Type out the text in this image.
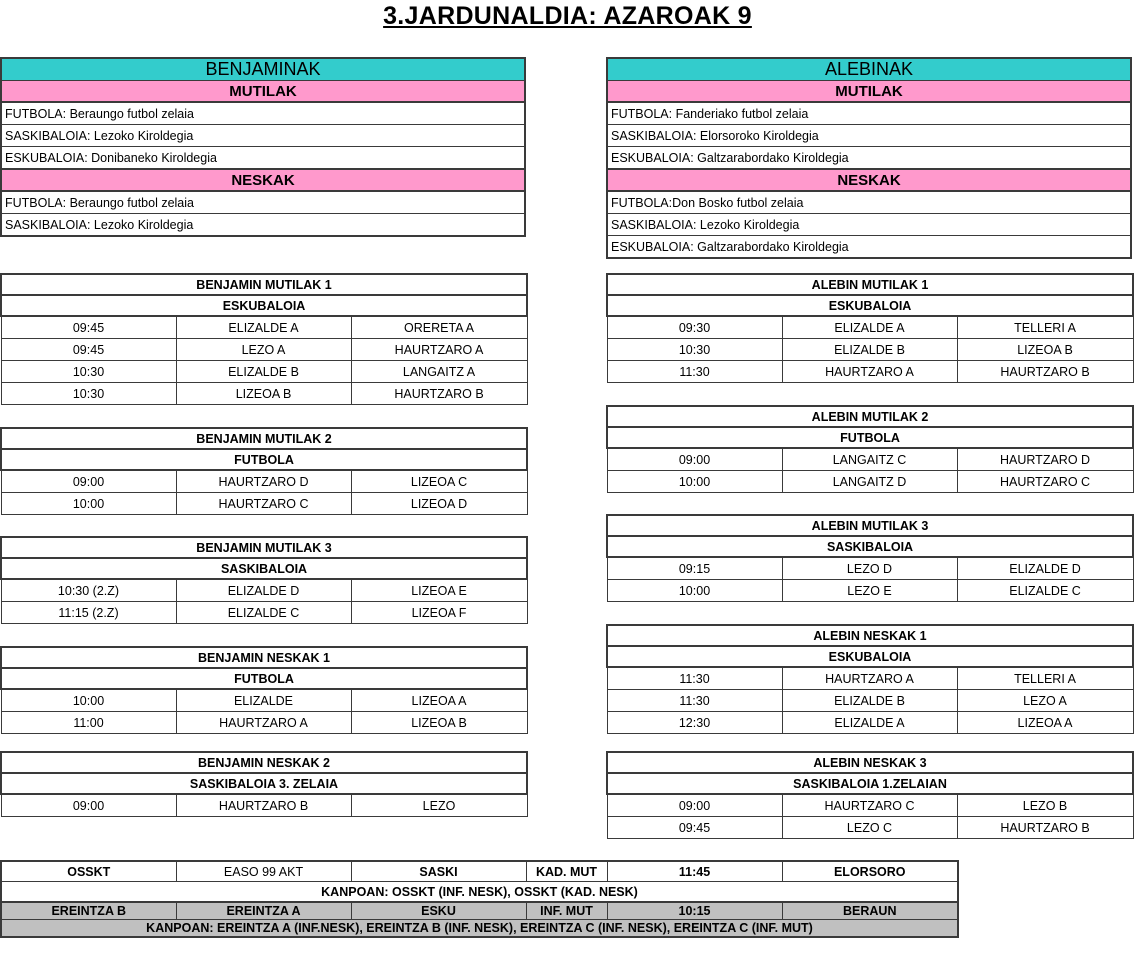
3.JARDUNALDIA: AZAROAK 9
BENJAMINAK
MUTILAK
FUTBOLA: Beraungo futbol zelaia
SASKIBALOIA: Lezoko Kiroldegia
ESKUBALOIA: Donibaneko Kiroldegia
NESKAK
FUTBOLA: Beraungo futbol zelaia
SASKIBALOIA: Lezoko Kiroldegia
ALEBINAK
MUTILAK
FUTBOLA: Fanderiako futbol zelaia
SASKIBALOIA: Elorsoroko Kiroldegia
ESKUBALOIA: Galtzarabordako Kiroldegia
NESKAK
FUTBOLA:Don Bosko futbol zelaia
SASKIBALOIA: Lezoko Kiroldegia
ESKUBALOIA: Galtzarabordako Kiroldegia
BENJAMIN MUTILAK 1		
ESKUBALOIA		
09:45	ELIZALDE A	ORERETA A
09:45	LEZO A	HAURTZARO A
10:30	ELIZALDE B	LANGAITZ A
10:30	LIZEOA B	HAURTZARO B
BENJAMIN MUTILAK 2		
FUTBOLA		
09:00	HAURTZARO D	LIZEOA C
10:00	HAURTZARO C	LIZEOA D
BENJAMIN MUTILAK 3		
SASKIBALOIA		
10:30 (2.Z)	ELIZALDE D	LIZEOA E
11:15 (2.Z)	ELIZALDE C	LIZEOA F
BENJAMIN NESKAK 1		
FUTBOLA		
10:00	ELIZALDE	LIZEOA A
11:00	HAURTZARO A	LIZEOA B
BENJAMIN NESKAK 2
SASKIBALOIA 3. ZELAIA
09:00	HAURTZARO B	LEZO
ALEBIN MUTILAK 1		
ESKUBALOIA		
09:30	ELIZALDE A	TELLERI A
10:30	ELIZALDE B	LIZEOA B
11:30	HAURTZARO A	HAURTZARO B
ALEBIN MUTILAK 2		
FUTBOLA		
09:00	LANGAITZ C	HAURTZARO D
10:00	LANGAITZ D	HAURTZARO C
ALEBIN MUTILAK 3		
SASKIBALOIA		
09:15	LEZO D	ELIZALDE D
10:00	LEZO E	ELIZALDE C
ALEBIN NESKAK 1		
ESKUBALOIA		
11:30	HAURTZARO A	TELLERI A
11:30	ELIZALDE B	LEZO A
12:30	ELIZALDE A	LIZEOA A
ALEBIN NESKAK 3		
SASKIBALOIA 1.ZELAIAN		
09:00	HAURTZARO C	LEZO B
09:45	LEZO C	HAURTZARO B
OSSKT	EASO 99 AKT	SASKI	KAD. MUT	11:45	ELORSORO
KANPOAN: OSSKT (INF. NESK), OSSKT (KAD. NESK)					
EREINTZA B	EREINTZA A	ESKU	INF. MUT	10:15	BERAUN
KANPOAN: EREINTZA A (INF.NESK), EREINTZA B (INF. NESK), EREINTZA C (INF. NESK), EREINTZA C (INF. MUT)					
